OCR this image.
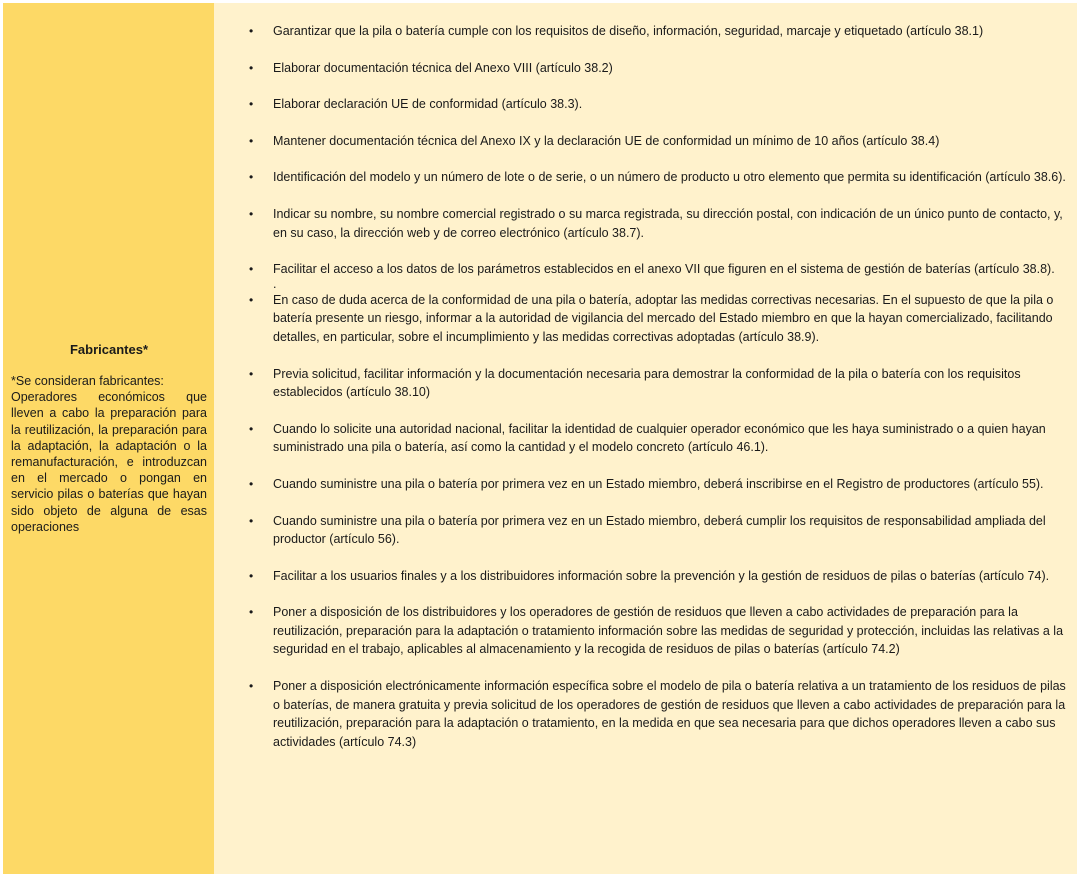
Fabricantes*

*Se consideran fabricantes:

Operadores económicos que lleven a cabo la preparación para la reutilización, la preparación para la adaptación, la adaptación o la remanufacturación, e introduzcan en el mercado o pongan en servicio pilas o baterías que hayan sido objeto de alguna de esas operaciones

• Garantizar que la pila o batería cumple con los requisitos de diseño, información, seguridad, marcaje y etiquetado (artículo 38.1)
• Elaborar documentación técnica del Anexo VIII (artículo 38.2)
• Elaborar declaración UE de conformidad (artículo 38.3).
• Mantener documentación técnica del Anexo IX y la declaración UE de conformidad un mínimo de 10 años (artículo 38.4)
• Identificación del modelo y un número de lote o de serie, o un número de producto u otro elemento que permita su identificación (artículo 38.6).
• Indicar su nombre, su nombre comercial registrado o su marca registrada, su dirección postal, con indicación de un único punto de contacto, y, en su caso, la dirección web y de correo electrónico (artículo 38.7).
• Facilitar el acceso a los datos de los parámetros establecidos en el anexo VII que figuren en el sistema de gestión de baterías (artículo 38.8).
.
• En caso de duda acerca de la conformidad de una pila o batería, adoptar las medidas correctivas necesarias. En el supuesto de que la pila o batería presente un riesgo, informar a la autoridad de vigilancia del mercado del Estado miembro en que la hayan comercializado, facilitando detalles, en particular, sobre el incumplimiento y las medidas correctivas adoptadas (artículo 38.9).
• Previa solicitud, facilitar información y la documentación necesaria para demostrar la conformidad de la pila o batería con los requisitos establecidos (artículo 38.10)
• Cuando lo solicite una autoridad nacional, facilitar la identidad de cualquier operador económico que les haya suministrado o a quien hayan suministrado una pila o batería, así como la cantidad y el modelo concreto (artículo 46.1).
• Cuando suministre una pila o batería por primera vez en un Estado miembro, deberá inscribirse en el Registro de productores (artículo 55).
• Cuando suministre una pila o batería por primera vez en un Estado miembro, deberá cumplir los requisitos de responsabilidad ampliada del productor (artículo 56).
• Facilitar a los usuarios finales y a los distribuidores información sobre la prevención y la gestión de residuos de pilas o baterías (artículo 74).
• Poner a disposición de los distribuidores y los operadores de gestión de residuos que lleven a cabo actividades de preparación para la reutilización, preparación para la adaptación o tratamiento información sobre las medidas de seguridad y protección, incluidas las relativas a la seguridad en el trabajo, aplicables al almacenamiento y la recogida de residuos de pilas o baterías (artículo 74.2)
• Poner a disposición electrónicamente información específica sobre el modelo de pila o batería relativa a un tratamiento de los residuos de pilas o baterías, de manera gratuita y previa solicitud de los operadores de gestión de residuos que lleven a cabo actividades de preparación para la reutilización, preparación para la adaptación o tratamiento, en la medida en que sea necesaria para que dichos operadores lleven a cabo sus actividades (artículo 74.3)
